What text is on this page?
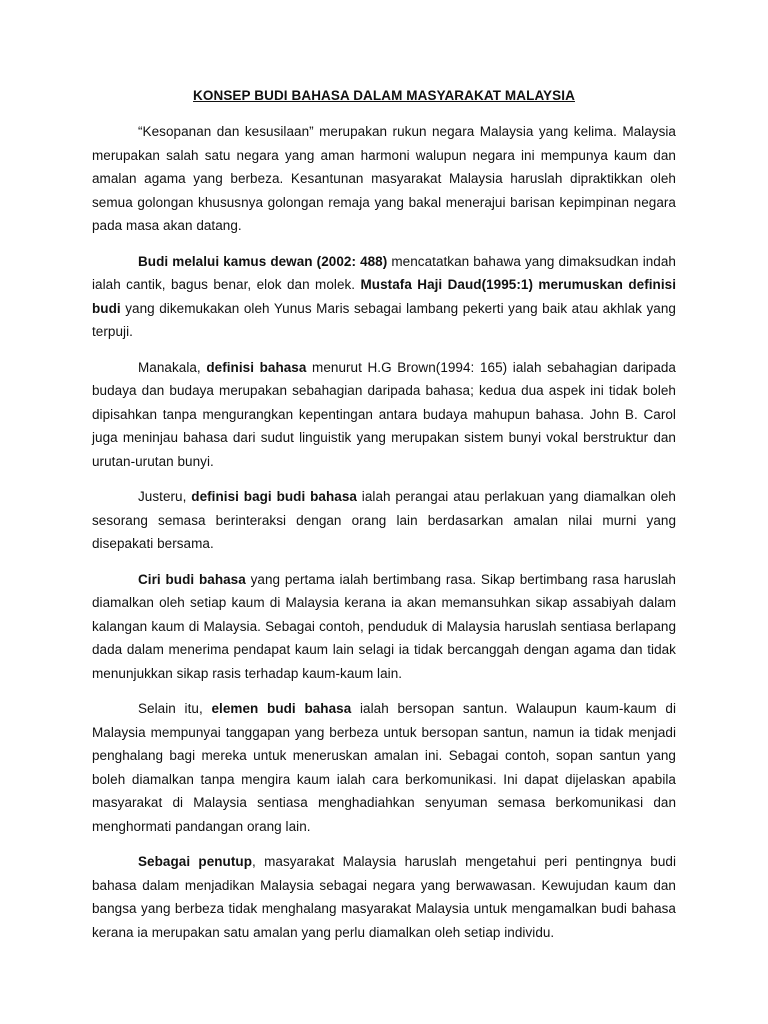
KONSEP BUDI BAHASA DALAM MASYARAKAT MALAYSIA

“Kesopanan dan kesusilaan” merupakan rukun negara Malaysia yang kelima. Malaysia merupakan salah satu negara yang aman harmoni walupun negara ini mempunya kaum dan amalan agama yang berbeza. Kesantunan masyarakat Malaysia haruslah dipraktikkan oleh semua golongan khususnya golongan remaja yang bakal menerajui barisan kepimpinan negara pada masa akan datang.

Budi melalui kamus dewan (2002: 488) mencatatkan bahawa yang dimaksudkan indah ialah cantik, bagus benar, elok dan molek. Mustafa Haji Daud(1995:1) merumuskan definisi budi yang dikemukakan oleh Yunus Maris sebagai lambang pekerti yang baik atau akhlak yang terpuji.

Manakala, definisi bahasa menurut H.G Brown(1994: 165) ialah sebahagian daripada budaya dan budaya merupakan sebahagian daripada bahasa; kedua dua aspek ini tidak boleh dipisahkan tanpa mengurangkan kepentingan antara budaya mahupun bahasa. John B. Carol juga meninjau bahasa dari sudut linguistik yang merupakan sistem bunyi vokal berstruktur dan urutan-urutan bunyi.

Justeru, definisi bagi budi bahasa ialah perangai atau perlakuan yang diamalkan oleh sesorang semasa berinteraksi dengan orang lain berdasarkan amalan nilai murni yang disepakati bersama.

Ciri budi bahasa yang pertama ialah bertimbang rasa. Sikap bertimbang rasa haruslah diamalkan oleh setiap kaum di Malaysia kerana ia akan memansuhkan sikap assabiyah dalam kalangan kaum di Malaysia. Sebagai contoh, penduduk di Malaysia haruslah sentiasa berlapang dada dalam menerima pendapat kaum lain selagi ia tidak bercanggah dengan agama dan tidak menunjukkan sikap rasis terhadap kaum-kaum lain.

Selain itu, elemen budi bahasa ialah bersopan santun. Walaupun kaum-kaum di Malaysia mempunyai tanggapan yang berbeza untuk bersopan santun, namun ia tidak menjadi penghalang bagi mereka untuk meneruskan amalan ini. Sebagai contoh, sopan santun yang boleh diamalkan tanpa mengira kaum ialah cara berkomunikasi. Ini dapat dijelaskan apabila masyarakat di Malaysia sentiasa menghadiahkan senyuman semasa berkomunikasi dan menghormati pandangan orang lain.

Sebagai penutup, masyarakat Malaysia haruslah mengetahui peri pentingnya budi bahasa dalam menjadikan Malaysia sebagai negara yang berwawasan. Kewujudan kaum dan bangsa yang berbeza tidak menghalang masyarakat Malaysia untuk mengamalkan budi bahasa kerana ia merupakan satu amalan yang perlu diamalkan oleh setiap individu.
